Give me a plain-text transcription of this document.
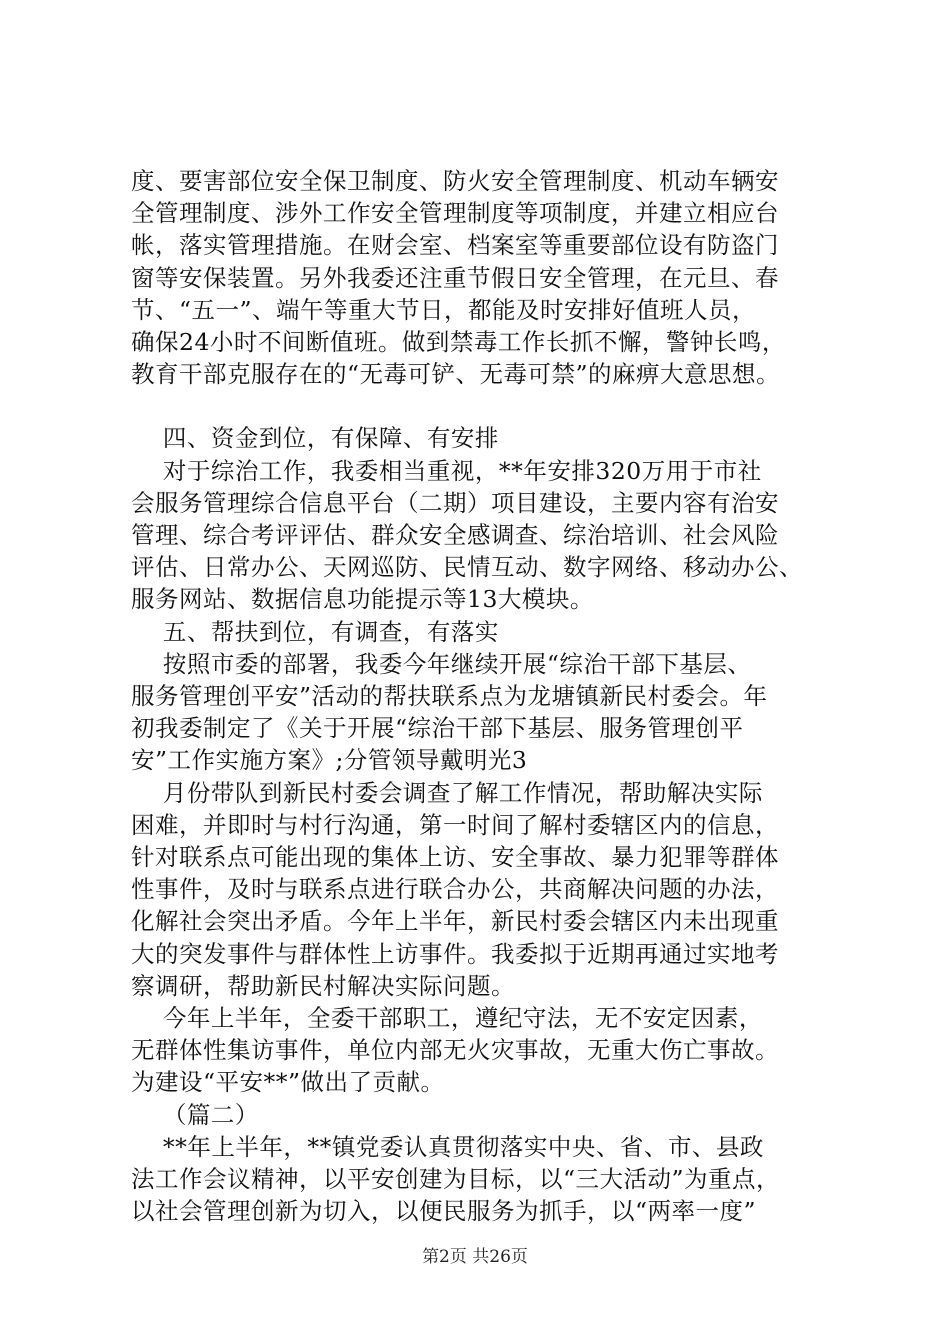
度、要害部位安全保卫制度、防火安全管理制度、机动车辆安
全管理制度、涉外工作安全管理制度等项制度，并建立相应台
帐，落实管理措施。在财会室、档案室等重要部位设有防盗门
窗等安保装置。另外我委还注重节假日安全管理，在元旦、春
节、“五一”、端午等重大节日，都能及时安排好值班人员，
确保24小时不间断值班。做到禁毒工作长抓不懈，警钟长鸣，
教育干部克服存在的“无毒可铲、无毒可禁”的麻痹大意思想。
四、资金到位，有保障、有安排
对于综治工作，我委相当重视，**年安排320万用于市社
会服务管理综合信息平台（二期）项目建设，主要内容有治安
管理、综合考评评估、群众安全感调查、综治培训、社会风险
评估、日常办公、天网巡防、民情互动、数字网络、移动办公、
服务网站、数据信息功能提示等13大模块。
五、帮扶到位，有调查，有落实
按照市委的部署，我委今年继续开展“综治干部下基层、
服务管理创平安”活动的帮扶联系点为龙塘镇新民村委会。年
初我委制定了《关于开展“综治干部下基层、服务管理创平
安”工作实施方案》;分管领导戴明光3
月份带队到新民村委会调查了解工作情况，帮助解决实际
困难，并即时与村行沟通，第一时间了解村委辖区内的信息，
针对联系点可能出现的集体上访、安全事故、暴力犯罪等群体
性事件，及时与联系点进行联合办公，共商解决问题的办法，
化解社会突出矛盾。今年上半年，新民村委会辖区内未出现重
大的突发事件与群体性上访事件。我委拟于近期再通过实地考
察调研，帮助新民村解决实际问题。
今年上半年，全委干部职工，遵纪守法，无不安定因素，
无群体性集访事件，单位内部无火灾事故，无重大伤亡事故。
为建设“平安**”做出了贡献。
（篇二）
**年上半年，**镇党委认真贯彻落实中央、省、市、县政
法工作会议精神，以平安创建为目标，以“三大活动”为重点，
以社会管理创新为切入，以便民服务为抓手，以“两率一度”
第2页 共26页
